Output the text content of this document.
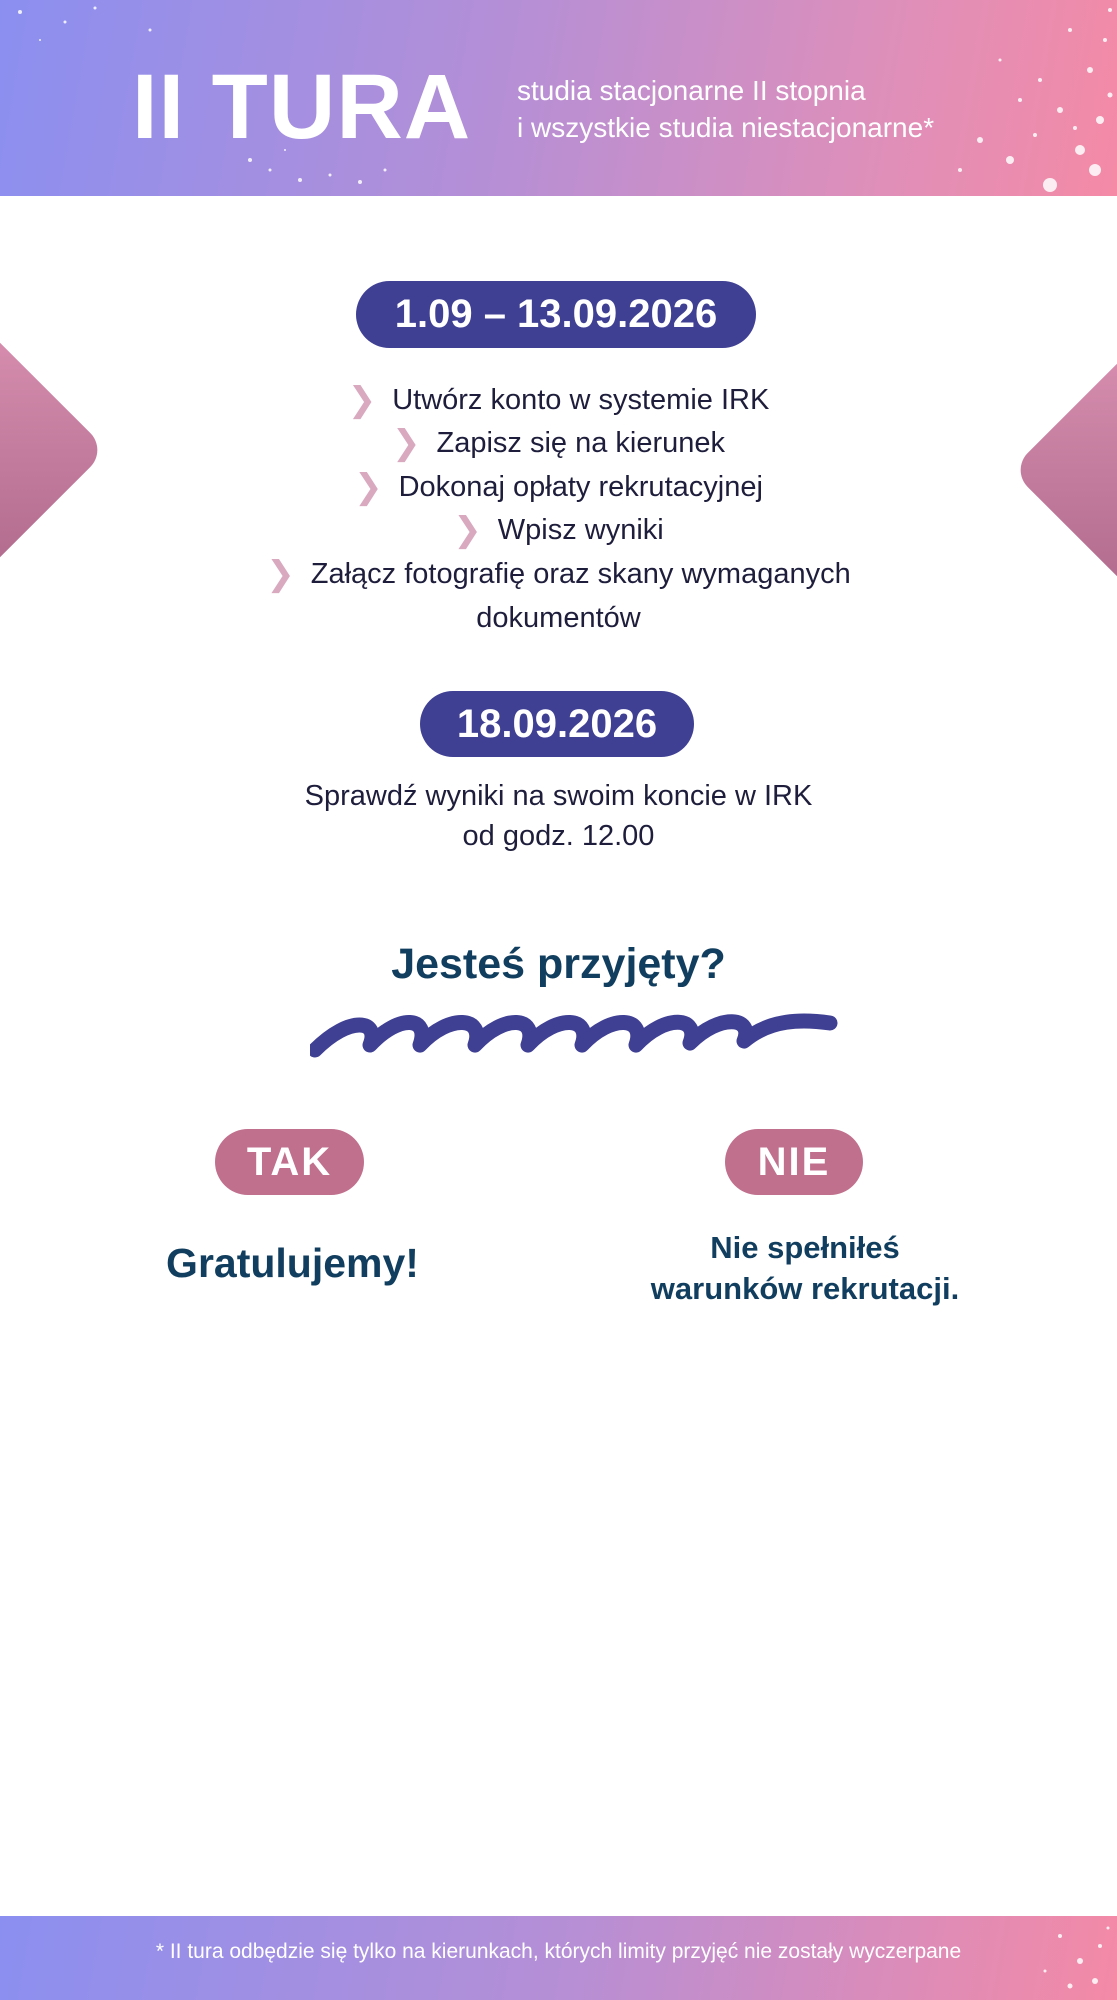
II TURA studia stacjonarne II stopnia
i wszystkie studia niestacjonarne*
1.09 – 13.09.2026
❯ Utwórz konto w systemie IRK
❯ Zapisz się na kierunek
❯ Dokonaj opłaty rekrutacyjnej
❯ Wpisz wyniki
❯ Załącz fotografię oraz skany wymaganych
dokumentów
18.09.2026
Sprawdź wyniki na swoim koncie w IRK
od godz. 12.00
Jesteś przyjęty?
TAK	NIE
Gratulujemy!	Nie spełniłeś
warunków rekrutacji.
* II tura odbędzie się tylko na kierunkach, których limity przyjęć nie zostały wyczerpane
